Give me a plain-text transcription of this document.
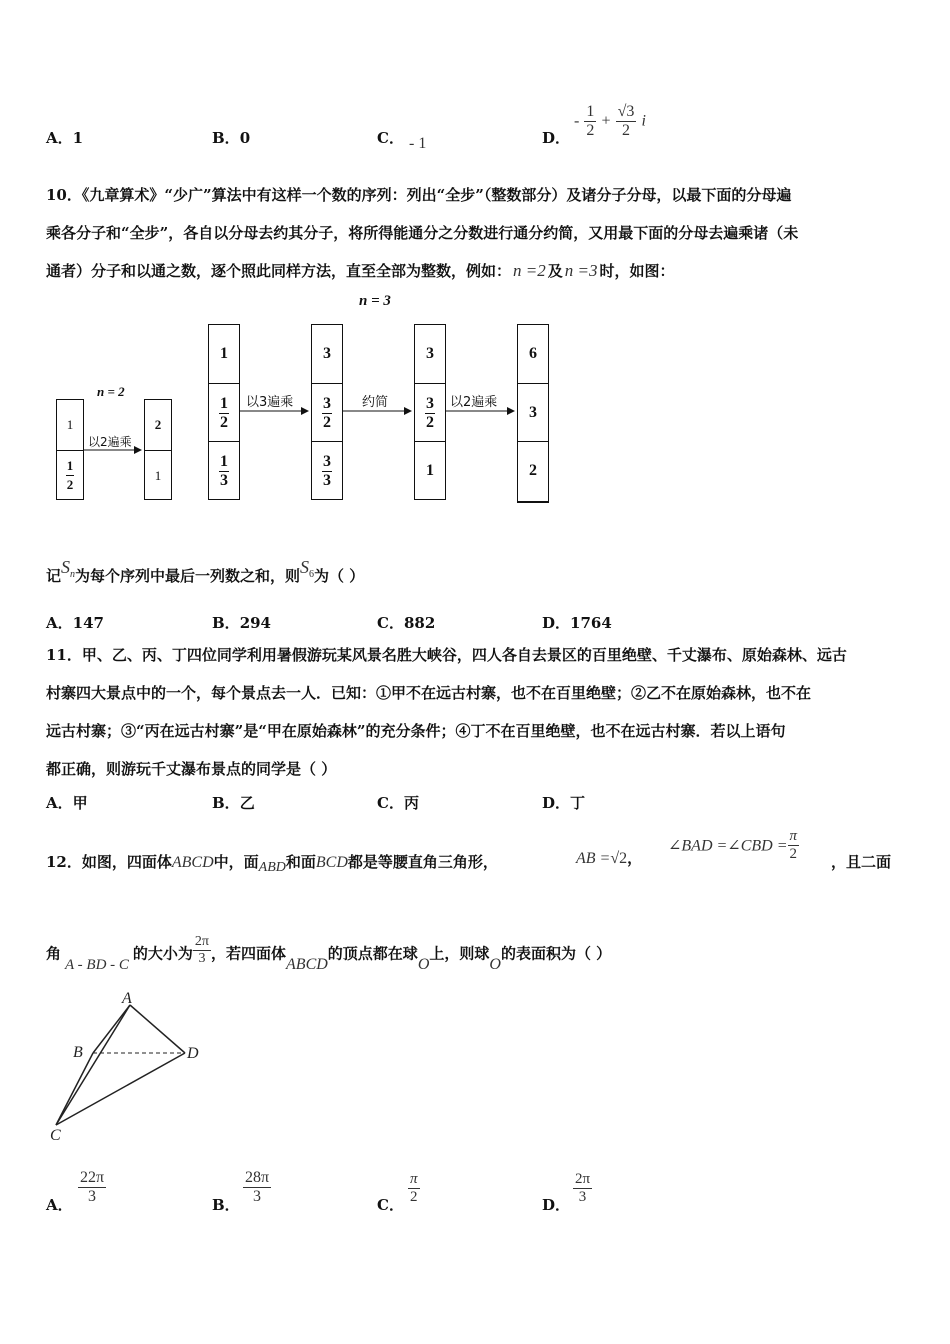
A．1	B．0	C． - 1	D．
- $\frac{1}{2} + \frac{√3}{2}$ i
10．《九章算术》“少广”算法中有这样一个数的序列：列出“全步”（整数部分）及诸分子分母，以最下面的分母遍
乘各分子和“全步”，各自以分母去约其分子，将所得能通分之分数进行通分约简，又用最下面的分母去遍乘诸（未
通者）分子和以通之数，逐个照此同样方法，直至全部为整数，例如： n =2 及 n =3 时，如图：
n = 3
n = 2
1
$\frac{1}{2}$
2
1
以2遍乘
1
$\frac{1}{2}$
$\frac{1}{3}$
以3遍乘
3
$\frac{3}{2}$
$\frac{3}{3}$
约简
3
$\frac{3}{2}$
1
以2遍乘
6
3
2
记$S^n$为每个序列中最后一列数之和，则$S^6$为（ ）
A．147	B．294	C．882	D．1764
11．甲、乙、丙、丁四位同学利用暑假游玩某风景名胜大峡谷，四人各自去景区的百里绝壁、千丈瀑布、原始森林、远古
村寨四大景点中的一个，每个景点去一人．已知：①甲不在远古村寨，也不在百里绝壁；②乙不在原始森林，也不在
远古村寨；③“丙在远古村寨”是“甲在原始森林”的充分条件；④丁不在百里绝壁，也不在远古村寨．若以上语句
都正确，则游玩千丈瀑布景点的同学是（ ）
A．甲	B．乙	C．丙	D．丁
12．如图，四面体ABCD中，面ABD和面BCD都是等腰直角三角形，	AB =√2，
∠BAD =∠CBD = $\frac{\pi}{2}$ ，且二面
角A - BD - C的大小为 $\frac{2\pi}{3}$ ，若四面体ABCD的顶点都在球O上，则球O的表面积为（ ）
A
B	D
C
A． $\frac{22\pi}{3}$	B． $\frac{28\pi}{3}$	C． $\frac{\pi}{2}$	D． $\frac{2\pi}{3}$
